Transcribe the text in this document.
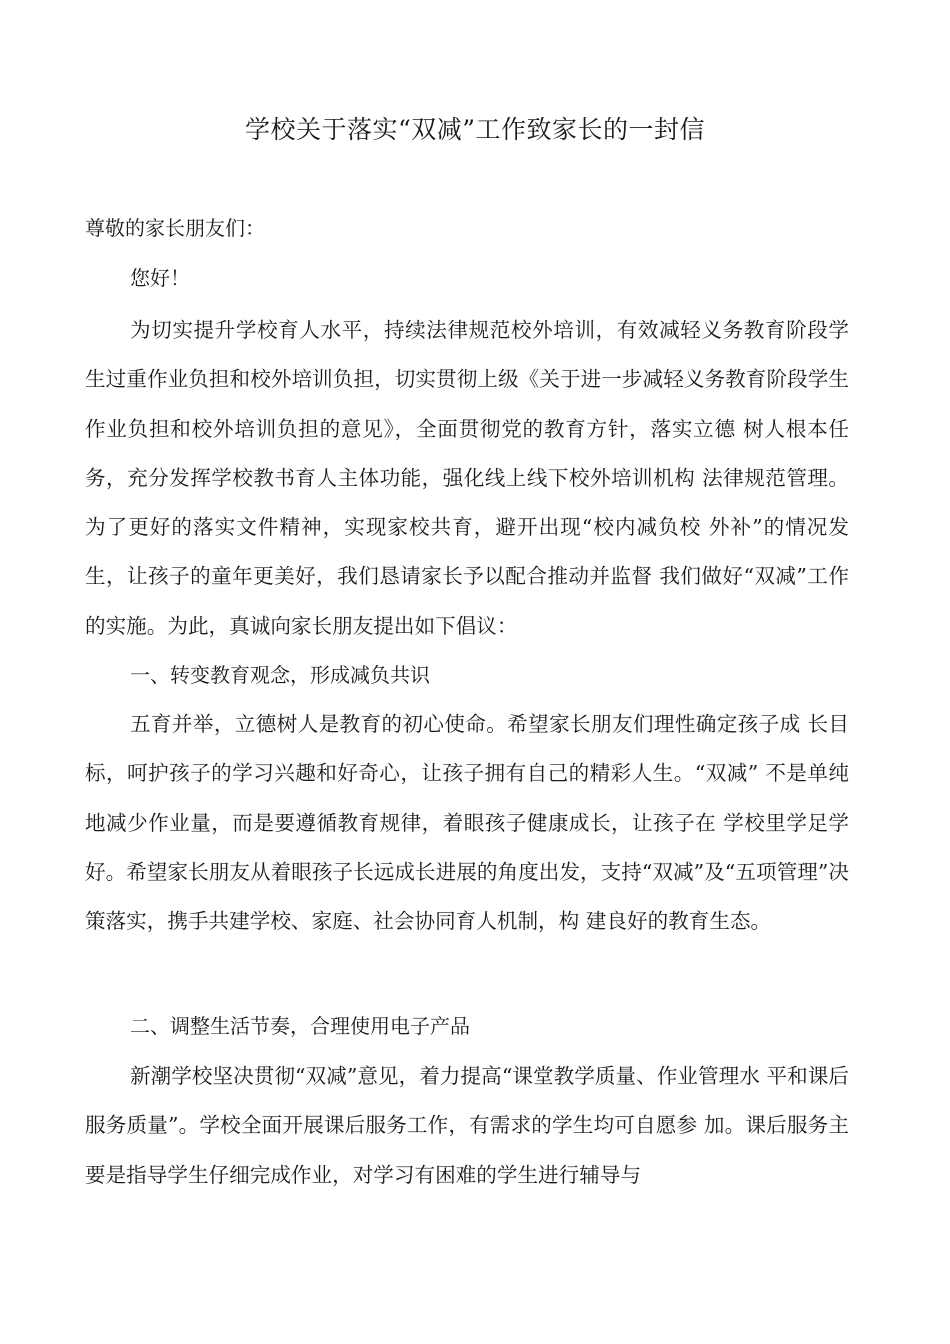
学校关于落实“双减”工作致家长的一封信
尊敬的家长朋友们：
您好！
为切实提升学校育人水平，持续法律规范校外培训，有效减轻义务教育阶段学 生过重作业负担和校外培训负担，切实贯彻上级《关于进一步减轻义务教育阶段学生作业负担和校外培训负担的意见》，全面贯彻党的教育方针，落实立德 树人根本任务，充分发挥学校教书育人主体功能，强化线上线下校外培训机构 法律规范管理。为了更好的落实文件精神，实现家校共育，避开出现“校内减负校 外补”的情况发生，让孩子的童年更美好，我们恳请家长予以配合推动并监督 我们做好“双减”工作的实施。为此，真诚向家长朋友提出如下倡议：
一、转变教育观念，形成减负共识
五育并举，立德树人是教育的初心使命。希望家长朋友们理性确定孩子成 长目标，呵护孩子的学习兴趣和好奇心，让孩子拥有自己的精彩人生。“双减” 不是单纯地减少作业量，而是要遵循教育规律，着眼孩子健康成长，让孩子在 学校里学足学好。希望家长朋友从着眼孩子长远成长进展的角度出发，支持“双减”及“五项管理”决策落实，携手共建学校、家庭、社会协同育人机制，构 建良好的教育生态。
二、调整生活节奏，合理使用电子产品
新潮学校坚决贯彻“双减”意见，着力提高“课堂教学质量、作业管理水 平和课后服务质量”。学校全面开展课后服务工作，有需求的学生均可自愿参 加。课后服务主要是指导学生仔细完成作业，对学习有困难的学生进行辅导与
